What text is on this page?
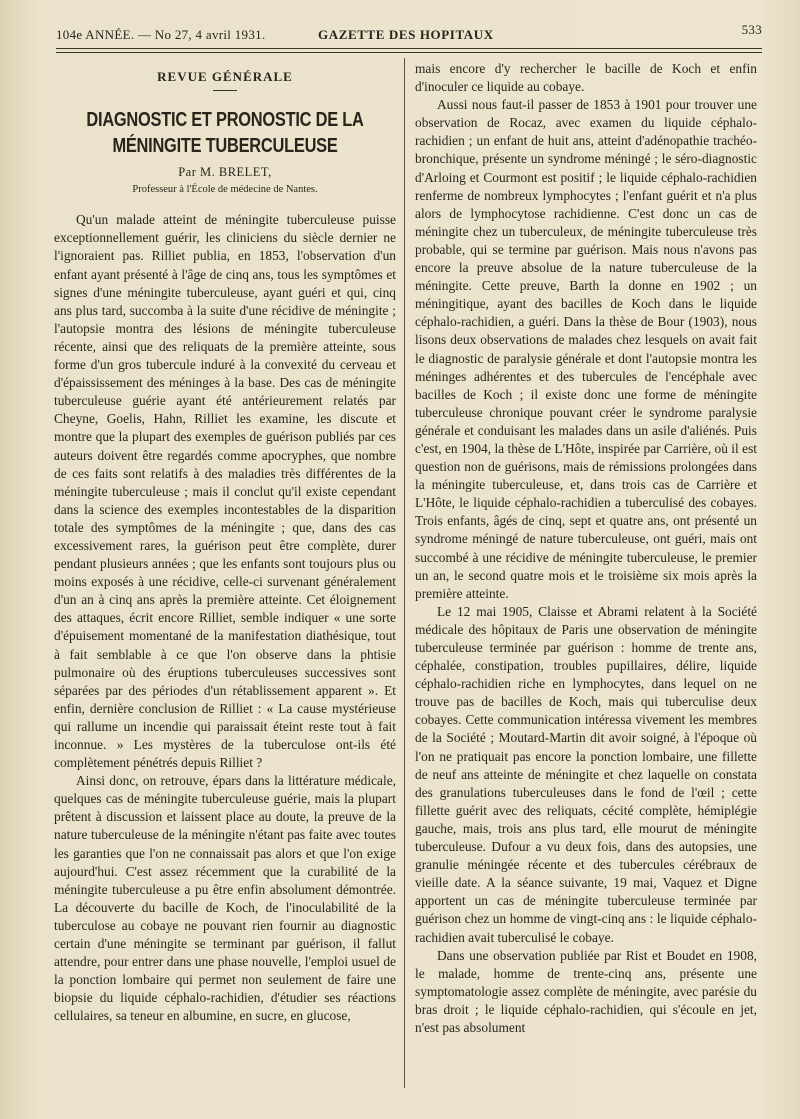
104e ANNÉE. — No 27, 4 avril 1931.	GAZETTE DES HOPITAUX	533
REVUE GÉNÉRALE
DIAGNOSTIC ET PRONOSTIC DE LA MÉNINGITE TUBERCULEUSE
Par M. BRELET,
Professeur à l'École de médecine de Nantes.

Qu'un malade atteint de méningite tuberculeuse puisse exceptionnellement guérir, les cliniciens du siècle dernier ne l'ignoraient pas. Rilliet publia, en 1853, l'observation d'un enfant ayant présenté à l'âge de cinq ans, tous les symptômes et signes d'une méningite tuberculeuse, ayant guéri et qui, cinq ans plus tard, succomba à la suite d'une récidive de méningite ; l'autopsie montra des lésions de méningite tuberculeuse récente, ainsi que des reliquats de la première atteinte, sous forme d'un gros tubercule induré à la convexité du cerveau et d'épaississement des méninges à la base. Des cas de méningite tuberculeuse guérie ayant été antérieurement relatés par Cheyne, Goelis, Hahn, Rilliet les examine, les discute et montre que la plupart des exemples de guérison publiés par ces auteurs doivent être regardés comme apocryphes, que nombre de ces faits sont relatifs à des maladies très différentes de la méningite tuberculeuse ; mais il conclut qu'il existe cependant dans la science des exemples incontestables de la disparition totale des symptômes de la méningite ; que, dans des cas excessivement rares, la guérison peut être complète, durer pendant plusieurs années ; que les enfants sont toujours plus ou moins exposés à une récidive, celle-ci survenant généralement d'un an à cinq ans après la première atteinte. Cet éloignement des attaques, écrit encore Rilliet, semble indiquer « une sorte d'épuisement momentané de la manifestation diathésique, tout à fait semblable à ce que l'on observe dans la phtisie pulmonaire où des éruptions tuberculeuses successives sont séparées par des périodes d'un rétablissement apparent ». Et enfin, dernière conclusion de Rilliet : « La cause mystérieuse qui rallume un incendie qui paraissait éteint reste tout à fait inconnue. » Les mystères de la tuberculose ont-ils été complètement pénétrés depuis Rilliet ?

Ainsi donc, on retrouve, épars dans la littérature médicale, quelques cas de méningite tuberculeuse guérie, mais la plupart prêtent à discussion et laissent place au doute, la preuve de la nature tuberculeuse de la méningite n'étant pas faite avec toutes les garanties que l'on ne connaissait pas alors et que l'on exige aujourd'hui. C'est assez récemment que la curabilité de la méningite tuberculeuse a pu être enfin absolument démontrée. La découverte du bacille de Koch, de l'inoculabilité de la tuberculose au cobaye ne pouvant rien fournir au diagnostic certain d'une méningite se terminant par guérison, il fallut attendre, pour entrer dans une phase nouvelle, l'emploi usuel de la ponction lombaire qui permet non seulement de faire une biopsie du liquide céphalo-rachidien, d'étudier ses réactions cellulaires, sa teneur en albumine, en sucre, en glucose,

mais encore d'y rechercher le bacille de Koch et enfin d'inoculer ce liquide au cobaye.

Aussi nous faut-il passer de 1853 à 1901 pour trouver une observation de Rocaz, avec examen du liquide céphalo-rachidien ; un enfant de huit ans, atteint d'adénopathie trachéo-bronchique, présente un syndrome méningé ; le séro-diagnostic d'Arloing et Courmont est positif ; le liquide céphalo-rachidien renferme de nombreux lymphocytes ; l'enfant guérit et n'a plus alors de lymphocytose rachidienne. C'est donc un cas de méningite chez un tuberculeux, de méningite tuberculeuse très probable, qui se termine par guérison. Mais nous n'avons pas encore la preuve absolue de la nature tuberculeuse de la méningite. Cette preuve, Barth la donne en 1902 ; un méningitique, ayant des bacilles de Koch dans le liquide céphalo-rachidien, a guéri. Dans la thèse de Bour (1903), nous lisons deux observations de malades chez lesquels on avait fait le diagnostic de paralysie générale et dont l'autopsie montra les méninges adhérentes et des tubercules de l'encéphale avec bacilles de Koch ; il existe donc une forme de méningite tuberculeuse chronique pouvant créer le syndrome paralysie générale et conduisant les malades dans un asile d'aliénés. Puis c'est, en 1904, la thèse de L'Hôte, inspirée par Carrière, où il est question non de guérisons, mais de rémissions prolongées dans la méningite tuberculeuse, et, dans trois cas de Carrière et L'Hôte, le liquide céphalo-rachidien a tuberculisé des cobayes. Trois enfants, âgés de cinq, sept et quatre ans, ont présenté un syndrome méningé de nature tuberculeuse, ont guéri, mais ont succombé à une récidive de méningite tuberculeuse, le premier un an, le second quatre mois et le troisième six mois après la première atteinte.

Le 12 mai 1905, Claisse et Abrami relatent à la Société médicale des hôpitaux de Paris une observation de méningite tuberculeuse terminée par guérison : homme de trente ans, céphalée, constipation, troubles pupillaires, délire, liquide céphalo-rachidien riche en lymphocytes, dans lequel on ne trouve pas de bacilles de Koch, mais qui tuberculise deux cobayes. Cette communication intéressa vivement les membres de la Société ; Moutard-Martin dit avoir soigné, à l'époque où l'on ne pratiquait pas encore la ponction lombaire, une fillette de neuf ans atteinte de méningite et chez laquelle on constata des granulations tuberculeuses dans le fond de l'œil ; cette fillette guérit avec des reliquats, cécité complète, hémiplégie gauche, mais, trois ans plus tard, elle mourut de méningite tuberculeuse. Dufour a vu deux fois, dans des autopsies, une granulie méningée récente et des tubercules cérébraux de vieille date. A la séance suivante, 19 mai, Vaquez et Digne apportent un cas de méningite tuberculeuse terminée par guérison chez un homme de vingt-cinq ans : le liquide céphalo-rachidien avait tuberculisé le cobaye.

Dans une observation publiée par Rist et Boudet en 1908, le malade, homme de trente-cinq ans, présente une symptomatologie assez complète de méningite, avec parésie du bras droit ; le liquide céphalo-rachidien, qui s'écoule en jet, n'est pas absolument
